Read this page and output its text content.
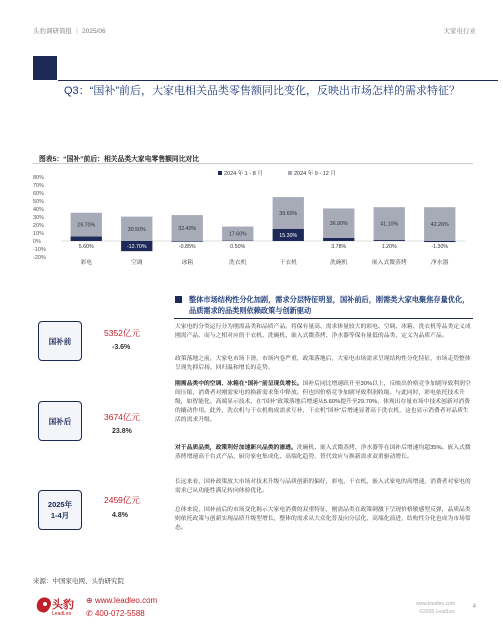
头豹调研简报 ｜ 2025/06	大家电行业
Q3：“国补”前后，大家电相关品类零售额同比变化，反映出市场怎样的需求特征？
图表5：“国补”前后：相关品类大家电零售额同比对比
80%
70%
60%
50%
40%
30%
20%
10%
0%
-10%
-20%
2024 年 1 - 8 月	2024 年 9 - 12 月
29.70%
5.60%
彩电
30.50%
-12.70%
空调
32.40%
-0.85%
冰箱
17.60%
0.50%
洗衣机
39.60%
15.30%
干衣机
36.90%
3.78%
洗碗机
41.10%
1.20%
嵌入式微蒸烤
42.26%
-1.30%
净水器
整体市场结构性分化加剧，需求分层特征明显，国补前后，刚需类大家电聚焦存量优化，品质需求的品类则依赖政策与创新驱动
国补前
5352亿元
-3.6%
国补后	3674亿元
23.8%
2025年
1-4月
2459亿元
4.8%
大家电的分类运行分为刚需品类和品质产品。将保有量高、需求体量较大的彩电、空调、冰箱、洗衣机等品类定义成刚需产品，而与之相对应的干衣机、洗碗机、嵌入式微蒸烤、净水器等保有量低的品类，定义为品质产品。
政策落地之前，大家电市场下滑，市场内卷严重，政策落地后，大家电市场需求呈现结构性分化特征，市场走势整体呈现先抑后扬、回归温和增长的走势。
刚需品类中的空调、冰箱在“国补”前呈现负增长。国补后同比增速跃升至30%以上，反映出价格竞争加剧导致利润空间压缩，消费者对刚需家电的换新需求集中释放。但也因价格竞争加剧导致利润收缩。与此同时，彩电依托技术升级，如智能化、高端显示技术，在“国补”政策落地后增速从5.60%提升至29.70%，体现出存量市场中技术创新对消费的撬动作用。此外，洗衣机与干衣机构成需求互补，干衣机“国补”后增速显著高于洗衣机，这也显示消费者对品质生活的需求升级。
对于品质品类，政策利好加速新兴品类的渗透。洗碗机、嵌入式微蒸烤、净水器等在国补后增速均超35%。嵌入式微蒸烤增速高于台式产品，厨房家电集成化、高端化趋势，替代效应与换新需求双重驱动增长。
长远来看，国补政策放大市场对技术升级与品质创新的偏好，彩电、干衣机、嵌入式家电的高增速，消费者对家电的需求已从功能性满足转向体验优化。
总体来说，国补前后的市场变化揭示大家电消费的双重特征，刚需品类在政策刺激下呈现价格敏感型反弹，品质品类则依托政策与创新实现品质升级型增长，整体的需求从大众化普及向分层化、高端化演进，结构性分化也成为市场常态。
来源：中国家电网、头豹研究院
头豹
LeadLeo
⊕ www.leadleo.com
✆ 400-072-5588
www.leadleo.com
©2025 LeadLeo
4
